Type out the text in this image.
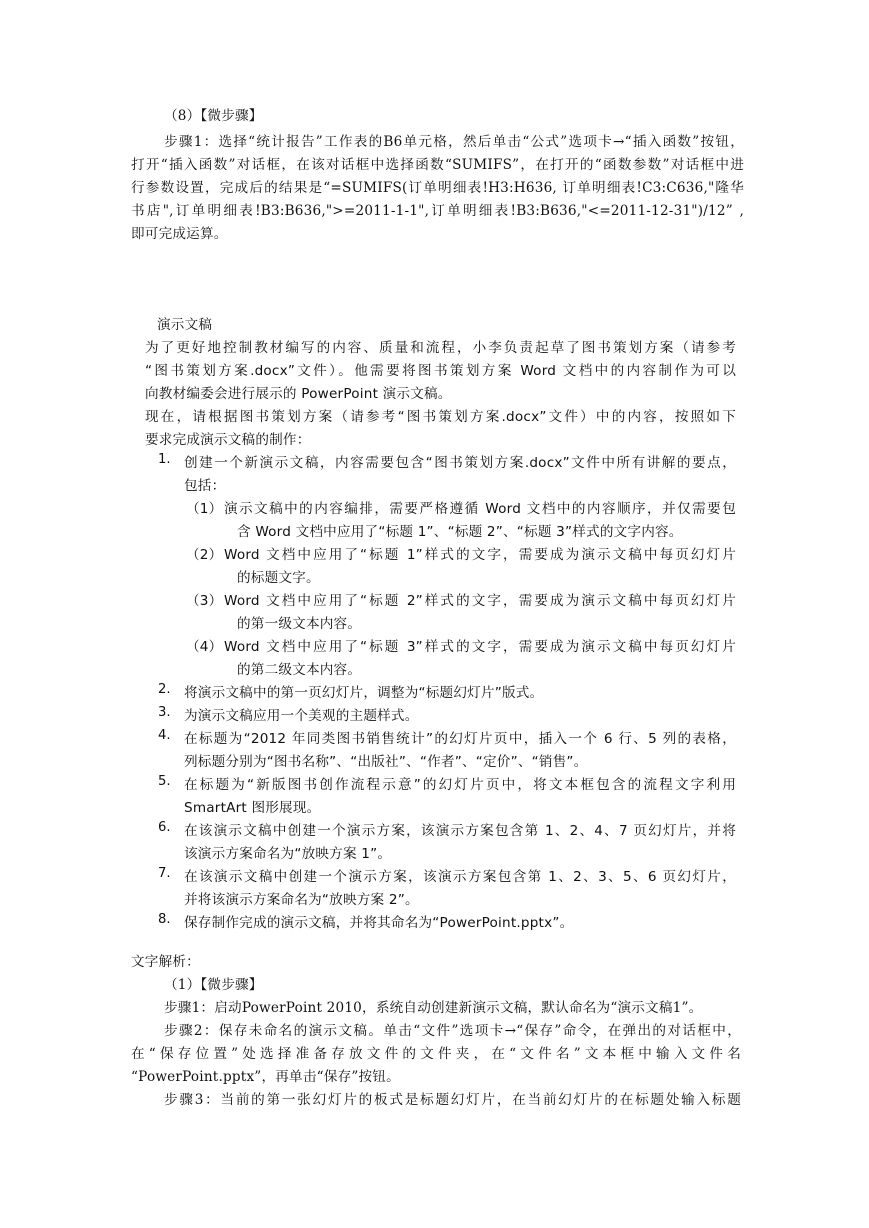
（8）【微步骤】
步骤1：选择“统计报告”工作表的B6单元格，然后单击“公式”选项卡→“插入函数”按钮，
打开“插入函数”对话框，在该对话框中选择函数“SUMIFS”，在打开的“函数参数”对话框中进
行参数设置，完成后的结果是“=SUMIFS(订单明细表!H3:H636, 订单明细表!C3:C636,"隆华
书店",订单明细表!B3:B636,">=2011-1-1",订单明细表!B3:B636,"<=2011-12-31")/12” ,
即可完成运算。
演示文稿
为了更好地控制教材编写的内容、质量和流程，小李负责起草了图书策划方案（请参考
“图书策划方案.docx”文件）。他需要将图书策划方案 Word 文档中的内容制作为可以
向教材编委会进行展示的 PowerPoint 演示文稿。
现在，请根据图书策划方案（请参考“图书策划方案.docx”文件）中的内容，按照如下
要求完成演示文稿的制作：
1. 创建一个新演示文稿，内容需要包含“图书策划方案.docx”文件中所有讲解的要点，
包括：
（1） 演示文稿中的内容编排，需要严格遵循 Word 文档中的内容顺序，并仅需要包
含 Word 文档中应用了“标题 1”、“标题 2”、“标题 3”样式的文字内容。
（2） Word 文档中应用了“标题 1”样式的文字，需要成为演示文稿中每页幻灯片
的标题文字。
（3） Word 文档中应用了“标题 2”样式的文字，需要成为演示文稿中每页幻灯片
的第一级文本内容。
（4） Word 文档中应用了“标题 3”样式的文字，需要成为演示文稿中每页幻灯片
的第二级文本内容。
2. 将演示文稿中的第一页幻灯片，调整为“标题幻灯片”版式。
3. 为演示文稿应用一个美观的主题样式。
4. 在标题为“2012 年同类图书销售统计”的幻灯片页中，插入一个 6 行、5 列的表格，
列标题分别为“图书名称”、“出版社”、“作者”、“定价”、“销售”。
5. 在标题为“新版图书创作流程示意”的幻灯片页中，将文本框包含的流程文字利用
SmartArt 图形展现。
6. 在该演示文稿中创建一个演示方案，该演示方案包含第 1、2、4、7 页幻灯片，并将
该演示方案命名为“放映方案 1”。
7. 在该演示文稿中创建一个演示方案，该演示方案包含第 1、2、3、5、6 页幻灯片，
并将该演示方案命名为“放映方案 2”。
8. 保存制作完成的演示文稿，并将其命名为“PowerPoint.pptx”。
文字解析：
（1）【微步骤】
步骤1：启动PowerPoint 2010，系统自动创建新演示文稿，默认命名为“演示文稿1”。
步骤2：保存未命名的演示文稿。单击“文件”选项卡→“保存”命令，在弹出的对话框中，
在“保存位置”处选择准备存放文件的文件夹，在“文件名”文本框中输入文件名
“PowerPoint.pptx”，再单击“保存”按钮。
步骤3：当前的第一张幻灯片的板式是标题幻灯片，在当前幻灯片的在标题处输入标题
